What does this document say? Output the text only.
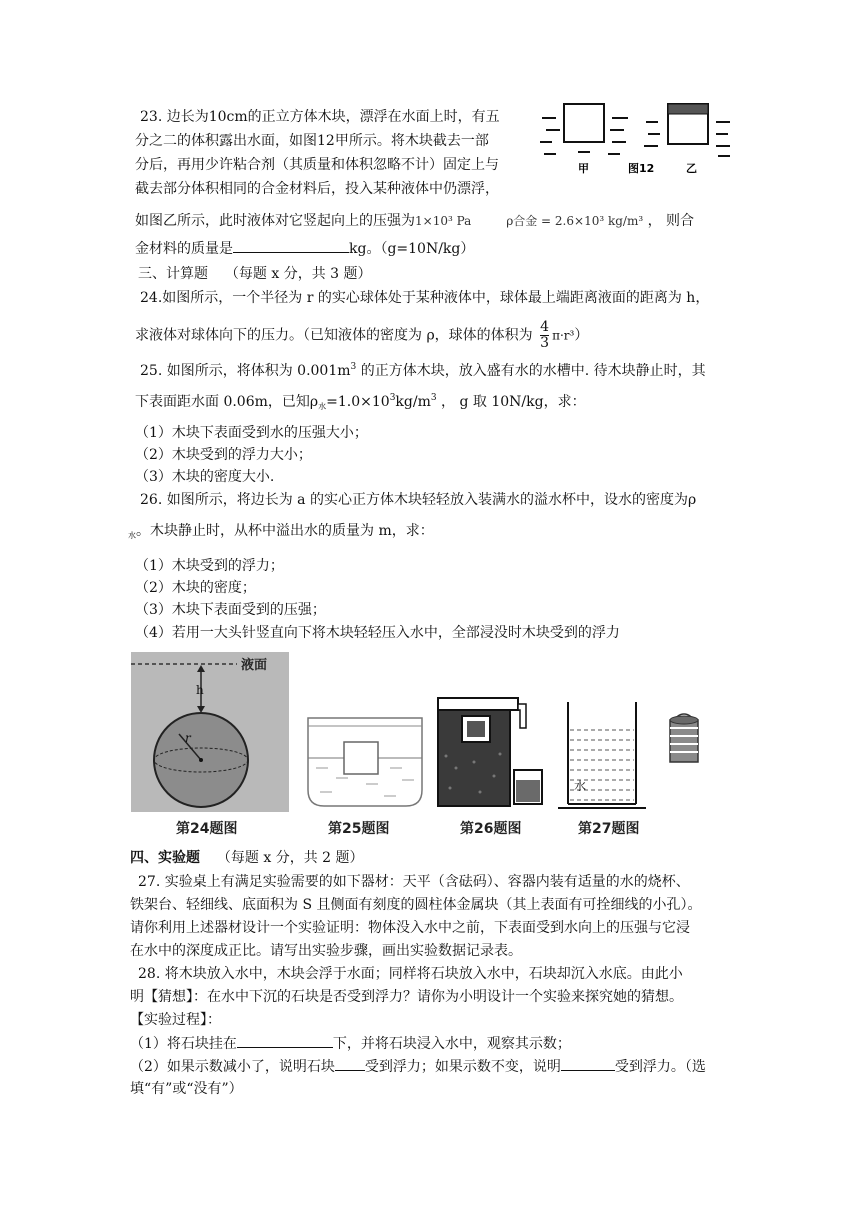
23. 边长为10cm的正立方体木块，漂浮在水面上时，有五
分之二的体积露出水面，如图12甲所示。将木块截去一部
分后，再用少许粘合剂（其质量和体积忽略不计）固定上与
截去部分体积相同的合金材料后，投入某种液体中仍漂浮，
如图乙所示，此时液体对它竖起向上的压强为1×10³ Pa	ρ合金 = 2.6×10³ kg/m³ ， 则合
金材料的质量是	kg。（g=10N/kg）
甲	图12	乙
三、计算题 （每题 x 分，共 3 题）
24.如图所示，一个半径为 r 的实心球体处于某种液体中，球体最上端距离液面的距离为 h，
求液体对球体向下的压力。（已知液体的密度为 ρ，球体的体积为 $\frac{4}{3} \pi\cdot r^3$）
25. 如图所示，将体积为 $0.001m^3$ 的正方体木块，放入盛有水的水槽中. 待木块静止时，其
下表面距水面 0.06m，已知$\rho_水=1.0\times 10^3kg/m^3$ ， g 取 10N/kg，求：
（1）木块下表面受到水的压强大小；
（2）木块受到的浮力大小；
（3）木块的密度大小.
26. 如图所示，将边长为 a 的实心正方体木块轻轻放入装满水的溢水杯中，设水的密度为ρ
$_水$。木块静止时，从杯中溢出水的质量为 m，求：
（1）木块受到的浮力；
（2）木块的密度；
（3）木块下表面受到的压强；
（4）若用一大头针竖直向下将木块轻轻压入水中，全部浸没时木块受到的浮力
液面
h
r
水
第24题图	第25题图	第26题图	第27题图
四、实验题 （每题 x 分，共 2 题）
27. 实验桌上有满足实验需要的如下器材：天平（含砝码）、容器内装有适量的水的烧杯、
铁架台、轻细线、底面积为 S 且侧面有刻度的圆柱体金属块（其上表面有可拴细线的小孔）。
请你利用上述器材设计一个实验证明：物体没入水中之前，下表面受到水向上的压强与它浸
在水中的深度成正比。请写出实验步骤，画出实验数据记录表。
28. 将木块放入水中，木块会浮于水面；同样将石块放入水中，石块却沉入水底。由此小
明【猜想】：在水中下沉的石块是否受到浮力？请你为小明设计一个实验来探究她的猜想。
【实验过程】：
（1）将石块挂在	下，并将石块浸入水中，观察其示数；
（2）如果示数减小了，说明石块 受到浮力；如果示数不变，说明	受到浮力。（选
填“有”或“没有”）
